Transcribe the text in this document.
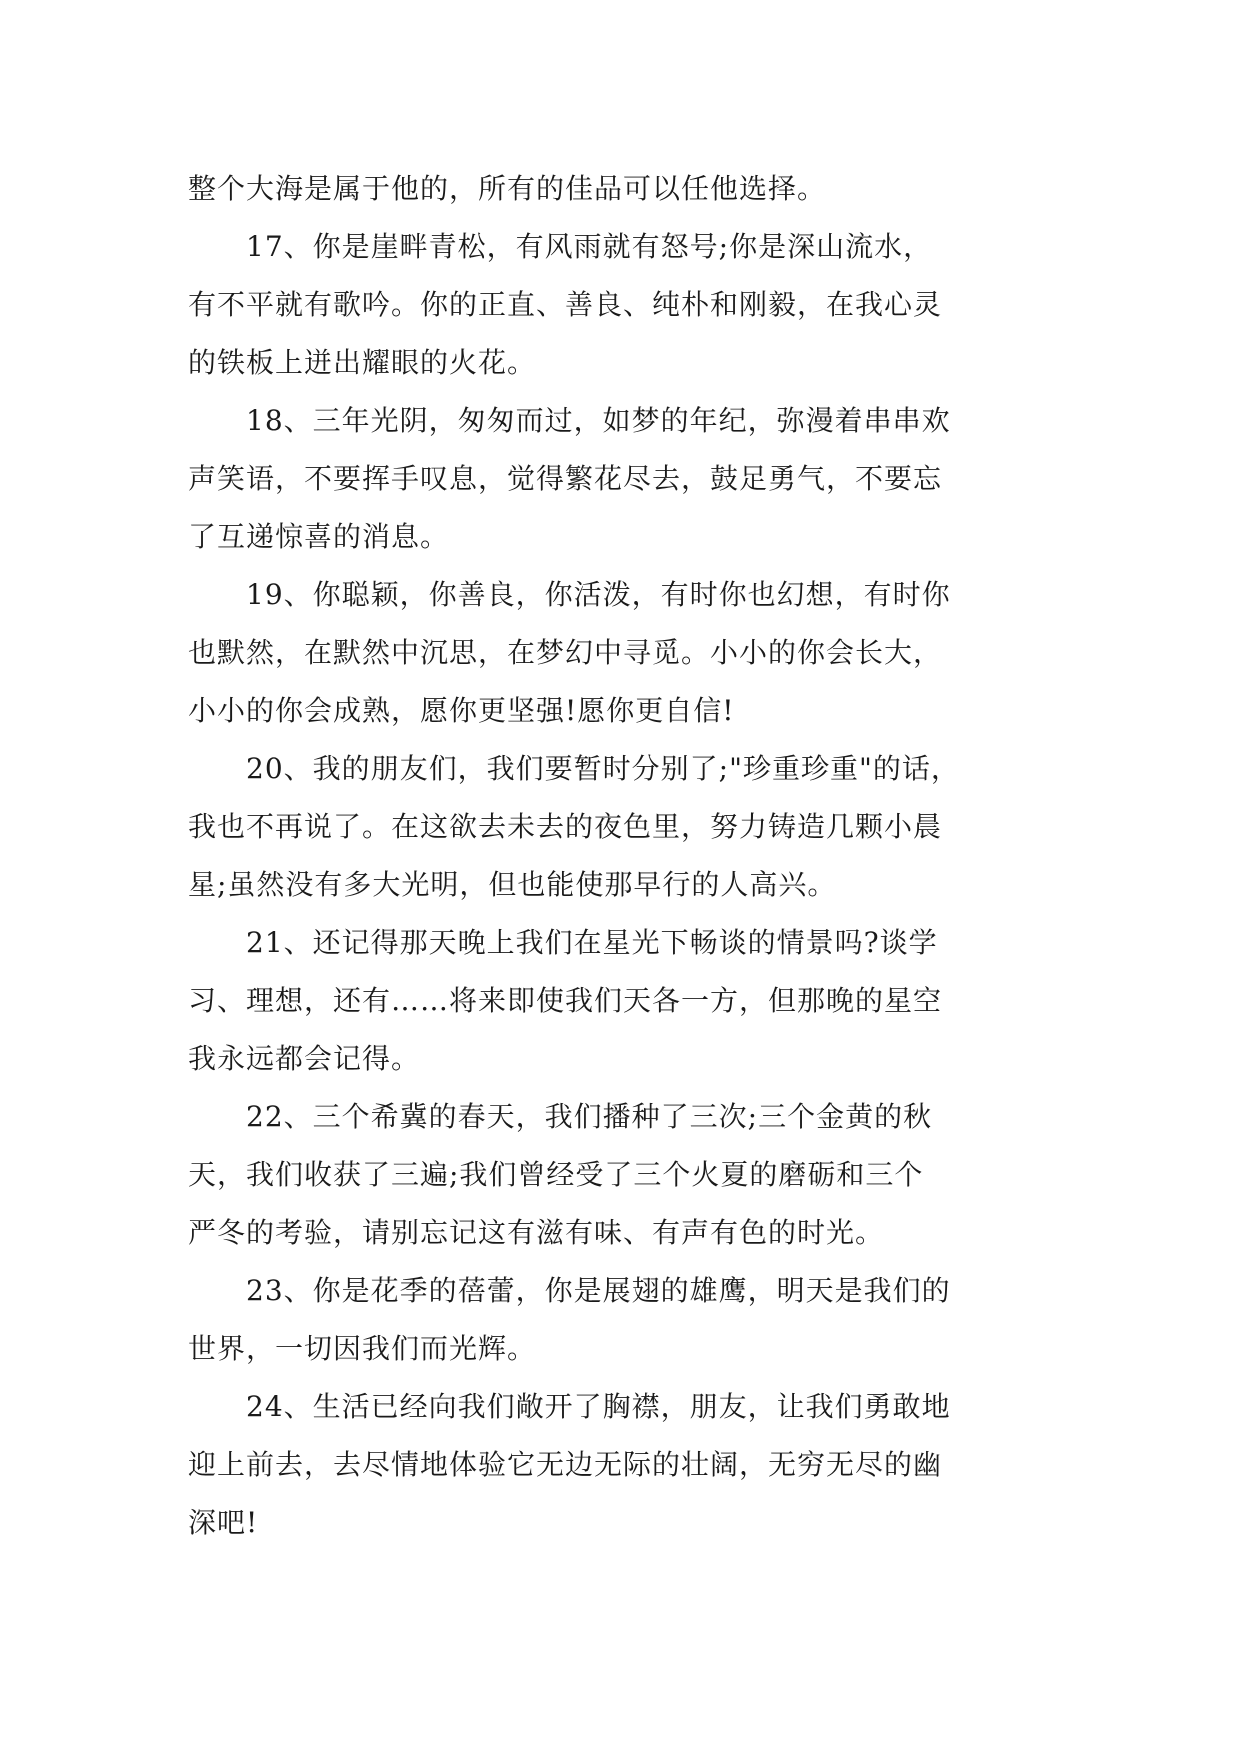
整个大海是属于他的，所有的佳品可以任他选择。

17、你是崖畔青松，有风雨就有怒号;你是深山流水，
有不平就有歌吟。你的正直、善良、纯朴和刚毅，在我心灵
的铁板上迸出耀眼的火花。

18、三年光阴，匆匆而过，如梦的年纪，弥漫着串串欢
声笑语，不要挥手叹息，觉得繁花尽去，鼓足勇气，不要忘
了互递惊喜的消息。

19、你聪颖，你善良，你活泼，有时你也幻想，有时你
也默然，在默然中沉思，在梦幻中寻觅。小小的你会长大，
小小的你会成熟，愿你更坚强!愿你更自信!

20、我的朋友们，我们要暂时分别了;"珍重珍重"的话，
我也不再说了。在这欲去未去的夜色里，努力铸造几颗小晨
星;虽然没有多大光明，但也能使那早行的人高兴。

21、还记得那天晚上我们在星光下畅谈的情景吗?谈学
习、理想，还有……将来即使我们天各一方，但那晚的星空
我永远都会记得。

22、三个希冀的春天，我们播种了三次;三个金黄的秋
天，我们收获了三遍;我们曾经受了三个火夏的磨砺和三个
严冬的考验，请别忘记这有滋有味、有声有色的时光。

23、你是花季的蓓蕾，你是展翅的雄鹰，明天是我们的
世界，一切因我们而光辉。

24、生活已经向我们敞开了胸襟，朋友，让我们勇敢地
迎上前去，去尽情地体验它无边无际的壮阔，无穷无尽的幽
深吧!
